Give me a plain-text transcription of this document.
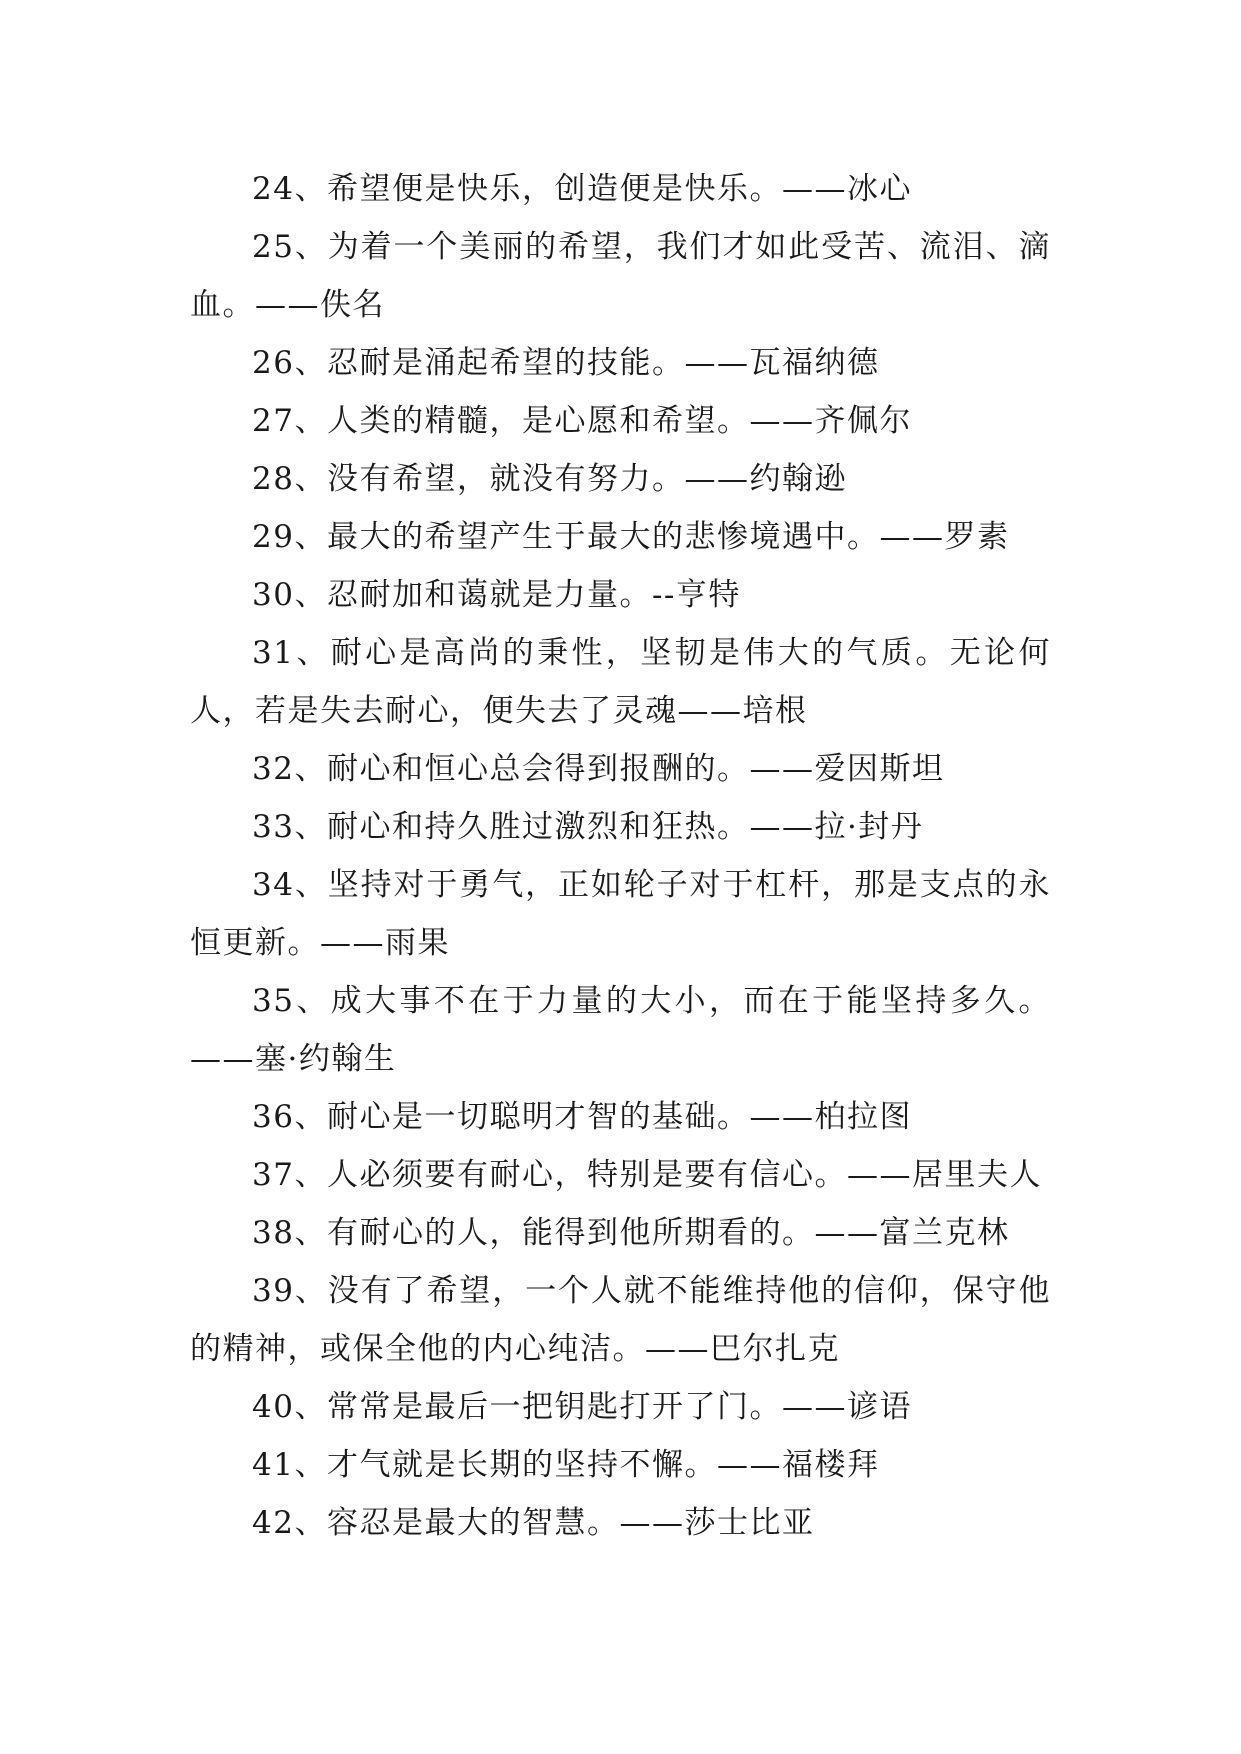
24、希望便是快乐，创造便是快乐。——冰心

25、为着一个美丽的希望，我们才如此受苦、流泪、滴血。——佚名

26、忍耐是涌起希望的技能。——瓦福纳德

27、人类的精髓，是心愿和希望。——齐佩尔

28、没有希望，就没有努力。——约翰逊

29、最大的希望产生于最大的悲惨境遇中。——罗素

30、忍耐加和蔼就是力量。--亨特

31、耐心是高尚的秉性，坚韧是伟大的气质。无论何人，若是失去耐心，便失去了灵魂——培根

32、耐心和恒心总会得到报酬的。——爱因斯坦

33、耐心和持久胜过激烈和狂热。——拉·封丹

34、坚持对于勇气，正如轮子对于杠杆，那是支点的永恒更新。——雨果

35、成大事不在于力量的大小，而在于能坚持多久。——塞·约翰生

36、耐心是一切聪明才智的基础。——柏拉图

37、人必须要有耐心，特别是要有信心。——居里夫人

38、有耐心的人，能得到他所期看的。——富兰克林

39、没有了希望，一个人就不能维持他的信仰，保守他的精神，或保全他的内心纯洁。——巴尔扎克

40、常常是最后一把钥匙打开了门。——谚语

41、才气就是长期的坚持不懈。——福楼拜

42、容忍是最大的智慧。——莎士比亚
